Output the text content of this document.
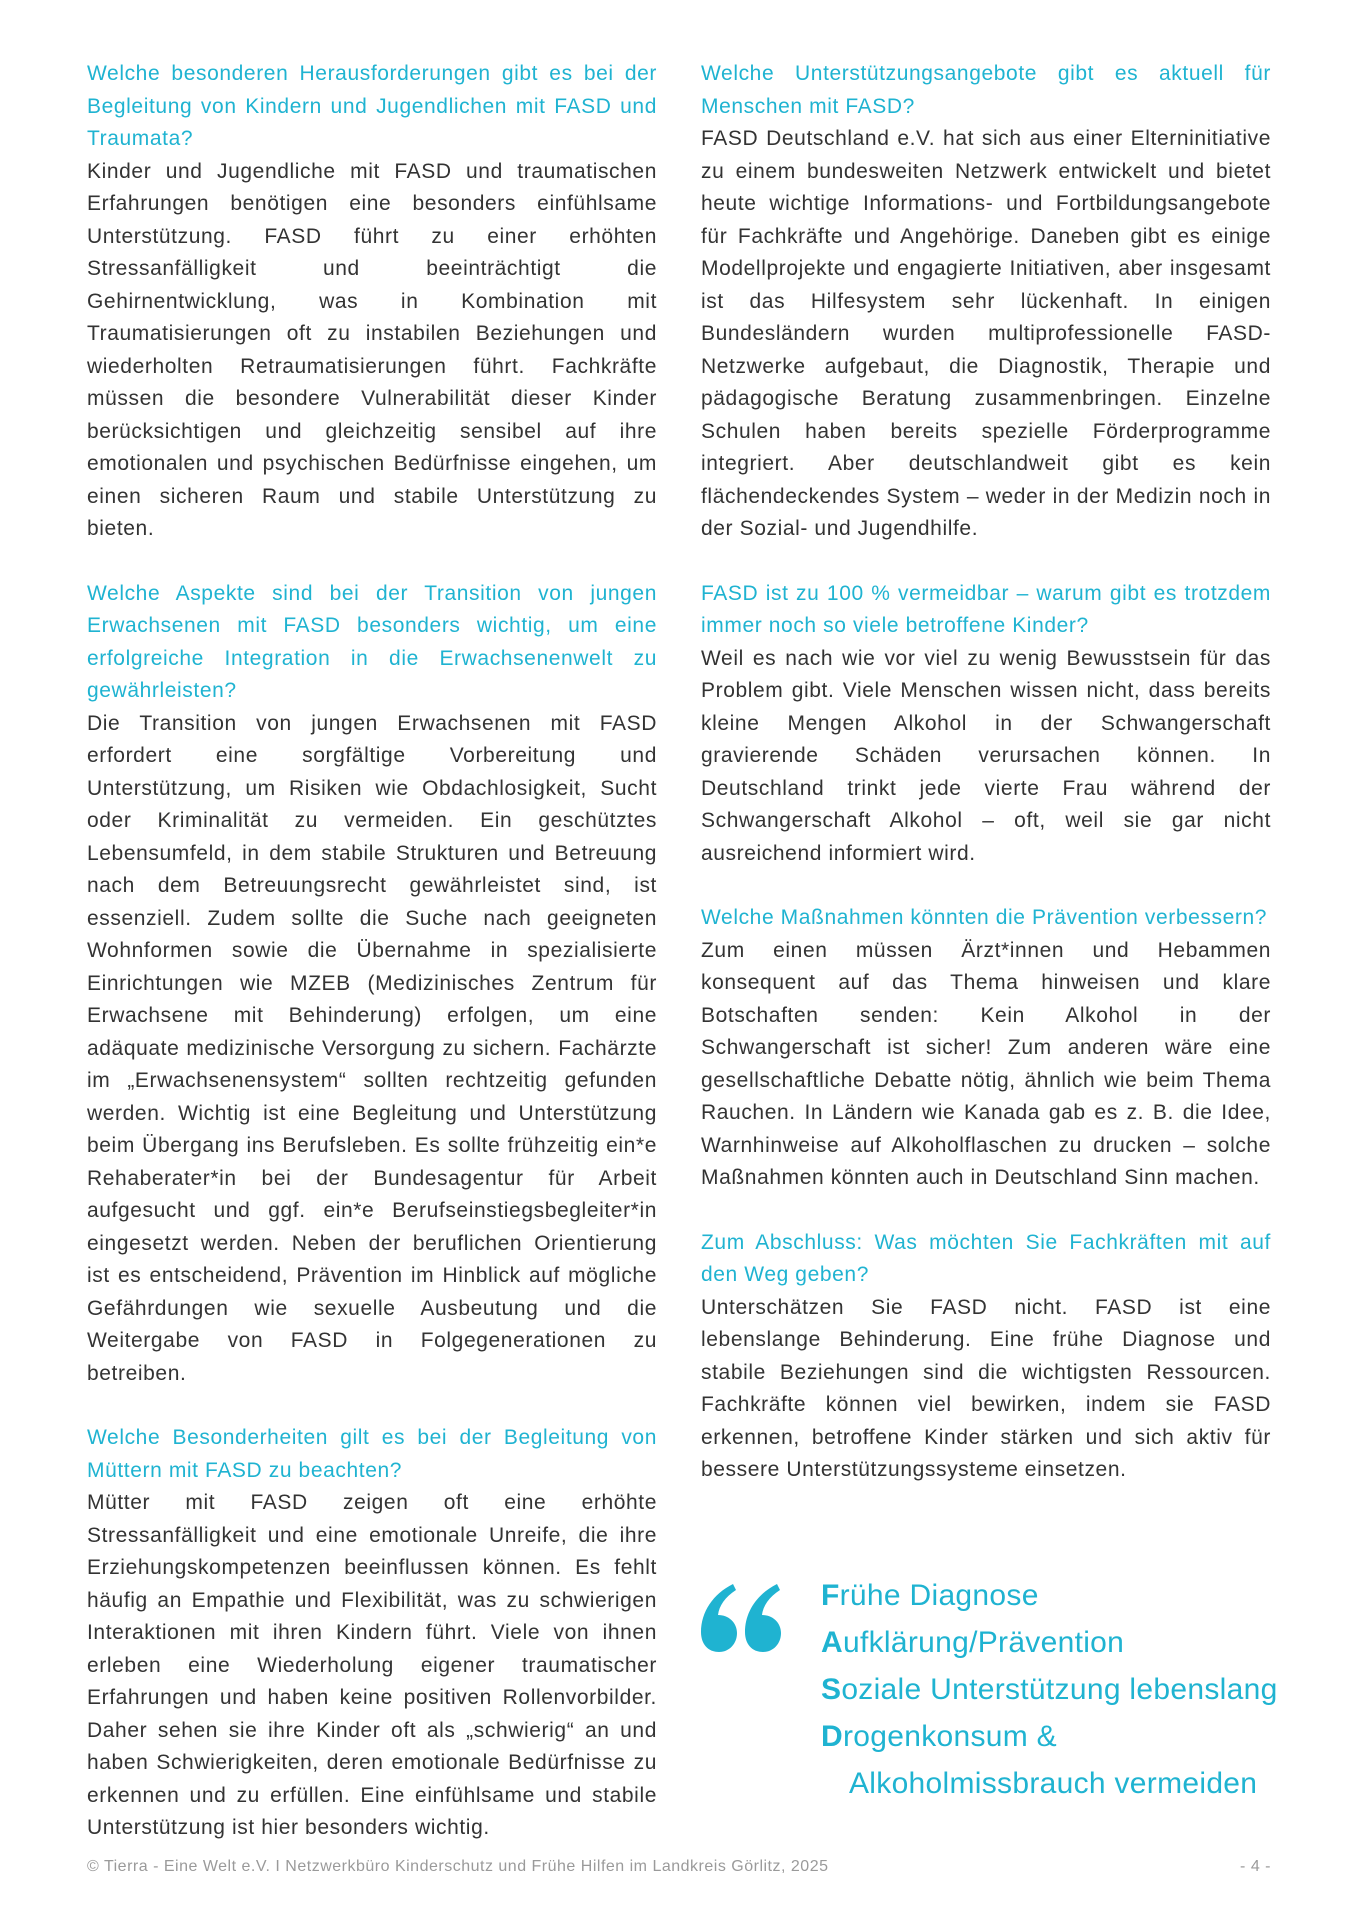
Welche besonderen Herausforderungen gibt es bei der Begleitung von Kindern und Jugendlichen mit FASD und Traumata?

Kinder und Jugendliche mit FASD und traumatischen Erfahrungen benötigen eine besonders einfühlsame Unterstützung. FASD führt zu einer erhöhten Stressanfälligkeit und beeinträchtigt die Gehirnentwicklung, was in Kombination mit Traumatisierungen oft zu instabilen Beziehungen und wiederholten Retraumatisierungen führt. Fachkräfte müssen die besondere Vulnerabilität dieser Kinder berücksichtigen und gleichzeitig sensibel auf ihre emotionalen und psychischen Bedürfnisse eingehen, um einen sicheren Raum und stabile Unterstützung zu bieten.

Welche Aspekte sind bei der Transition von jungen Erwachsenen mit FASD besonders wichtig, um eine erfolgreiche Integration in die Erwachsenenwelt zu gewährleisten?

Die Transition von jungen Erwachsenen mit FASD erfordert eine sorgfältige Vorbereitung und Unterstützung, um Risiken wie Obdachlosigkeit, Sucht oder Kriminalität zu vermeiden. Ein geschütztes Lebensumfeld, in dem stabile Strukturen und Betreuung nach dem Betreuungsrecht gewährleistet sind, ist essenziell. Zudem sollte die Suche nach geeigneten Wohnformen sowie die Übernahme in spezialisierte Einrichtungen wie MZEB (Medizinisches Zentrum für Erwachsene mit Behinderung) erfolgen, um eine adäquate medizinische Versorgung zu sichern. Fachärzte im „Erwachsenensystem“ sollten rechtzeitig gefunden werden. Wichtig ist eine Begleitung und Unterstützung beim Übergang ins Berufsleben. Es sollte frühzeitig ein*e Rehaberater*in bei der Bundesagentur für Arbeit aufgesucht und ggf. ein*e Berufseinstiegsbegleiter*in eingesetzt werden. Neben der beruflichen Orientierung ist es entscheidend, Prävention im Hinblick auf mögliche Gefährdungen wie sexuelle Ausbeutung und die Weitergabe von FASD in Folgegenerationen zu betreiben.

Welche Besonderheiten gilt es bei der Begleitung von Müttern mit FASD zu beachten?

Mütter mit FASD zeigen oft eine erhöhte Stressanfälligkeit und eine emotionale Unreife, die ihre Erziehungskompetenzen beeinflussen können. Es fehlt häufig an Empathie und Flexibilität, was zu schwierigen Interaktionen mit ihren Kindern führt. Viele von ihnen erleben eine Wiederholung eigener traumatischer Erfahrungen und haben keine positiven Rollenvorbilder. Daher sehen sie ihre Kinder oft als „schwierig“ an und haben Schwierigkeiten, deren emotionale Bedürfnisse zu erkennen und zu erfüllen. Eine einfühlsame und stabile Unterstützung ist hier besonders wichtig.

Welche Unterstützungsangebote gibt es aktuell für Menschen mit FASD?

FASD Deutschland e.V. hat sich aus einer Elterninitiative zu einem bundesweiten Netzwerk entwickelt und bietet heute wichtige Informations- und Fortbildungsangebote für Fachkräfte und Angehörige. Daneben gibt es einige Modellprojekte und engagierte Initiativen, aber insgesamt ist das Hilfesystem sehr lückenhaft. In einigen Bundesländern wurden multiprofessionelle FASD-Netzwerke aufgebaut, die Diagnostik, Therapie und pädagogische Beratung zusammenbringen. Einzelne Schulen haben bereits spezielle Förderprogramme integriert. Aber deutschlandweit gibt es kein flächendeckendes System – weder in der Medizin noch in der Sozial- und Jugendhilfe.

FASD ist zu 100 % vermeidbar – warum gibt es trotzdem immer noch so viele betroffene Kinder?

Weil es nach wie vor viel zu wenig Bewusstsein für das Problem gibt. Viele Menschen wissen nicht, dass bereits kleine Mengen Alkohol in der Schwangerschaft gravierende Schäden verursachen können. In Deutschland trinkt jede vierte Frau während der Schwangerschaft Alkohol – oft, weil sie gar nicht ausreichend informiert wird.

Welche Maßnahmen könnten die Prävention verbessern?

Zum einen müssen Ärzt*innen und Hebammen konsequent auf das Thema hinweisen und klare Botschaften senden: Kein Alkohol in der Schwangerschaft ist sicher! Zum anderen wäre eine gesellschaftliche Debatte nötig, ähnlich wie beim Thema Rauchen. In Ländern wie Kanada gab es z. B. die Idee, Warnhinweise auf Alkoholflaschen zu drucken – solche Maßnahmen könnten auch in Deutschland Sinn machen.

Zum Abschluss: Was möchten Sie Fachkräften mit auf den Weg geben?

Unterschätzen Sie FASD nicht. FASD ist eine lebenslange Behinderung. Eine frühe Diagnose und stabile Beziehungen sind die wichtigsten Ressourcen. Fachkräfte können viel bewirken, indem sie FASD erkennen, betroffene Kinder stärken und sich aktiv für bessere Unterstützungssysteme einsetzen.

Frühe Diagnose
Aufklärung/Prävention
Soziale Unterstützung lebenslang
Drogenkonsum &
Alkoholmissbrauch vermeiden
© Tierra - Eine Welt e.V. I Netzwerkbüro Kinderschutz und Frühe Hilfen im Landkreis Görlitz, 2025	- 4 -
